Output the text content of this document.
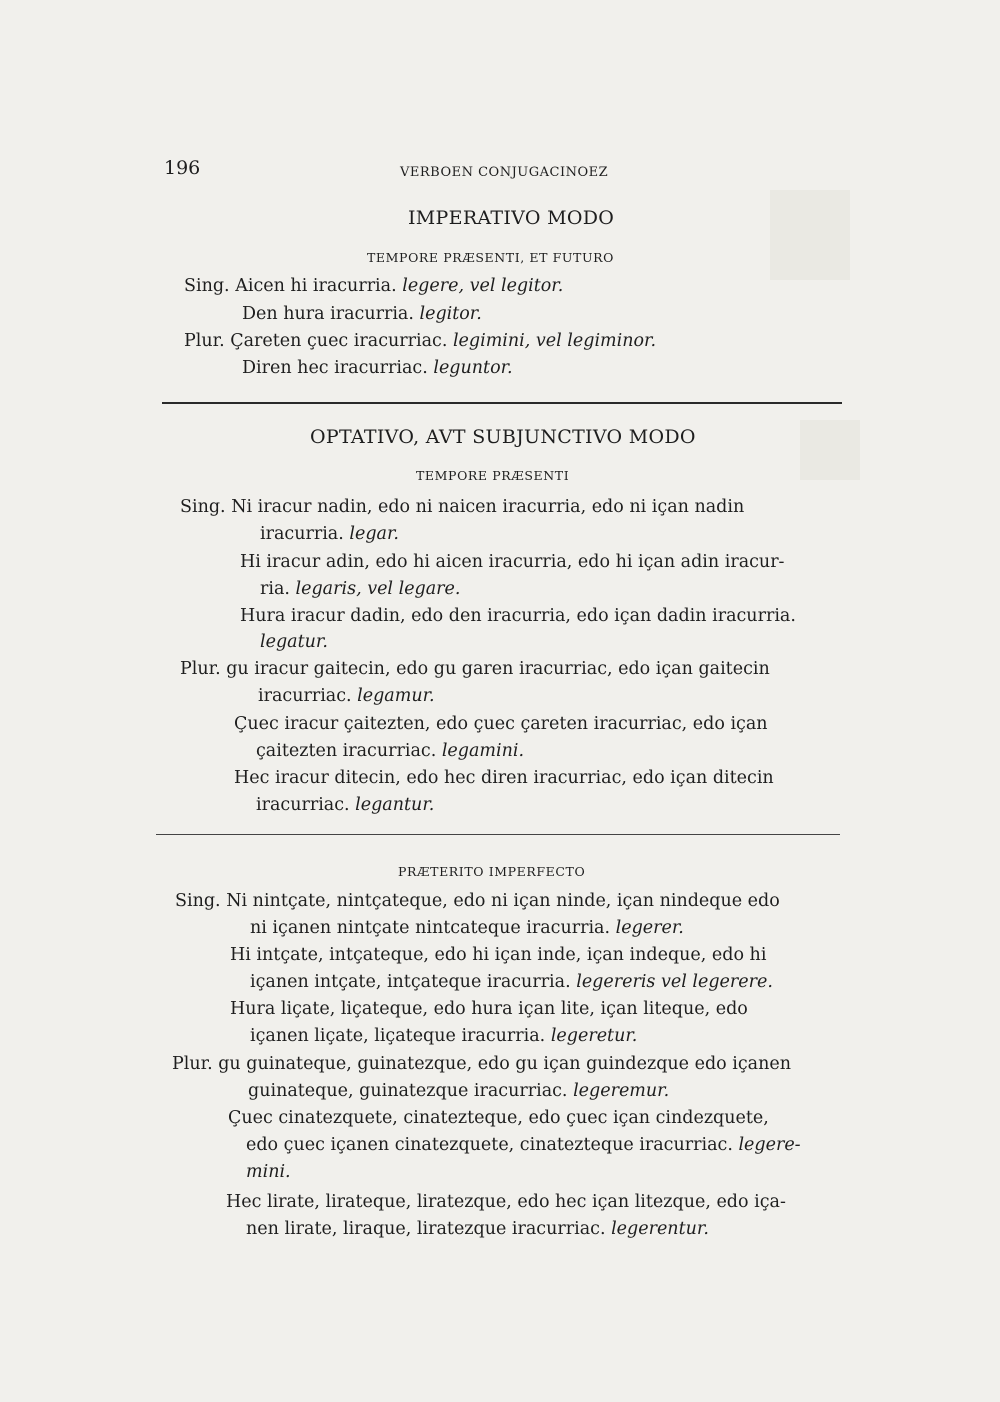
196	VERBOEN CONJUGACINOEZ
IMPERATIVO MODO
TEMPORE PRÆSENTI, ET FUTURO
Sing. Aicen hi iracurria. legere, vel legitor.
Den hura iracurria. legitor.
Plur. Çareten çuec iracurriac. legimini, vel legiminor.
Diren hec iracurriac. leguntor.
OPTATIVO, AVT SUBJUNCTIVO MODO
TEMPORE PRÆSENTI
Sing. Ni iracur nadin, edo ni naicen iracurria, edo ni içan nadin
iracurria. legar.
Hi iracur adin, edo hi aicen iracurria, edo hi içan adin iracur-
ria. legaris, vel legare.
Hura iracur dadin, edo den iracurria, edo içan dadin iracurria.
legatur.
Plur. gu iracur gaitecin, edo gu garen iracurriac, edo içan gaitecin
iracurriac. legamur.
Çuec iracur çaitezten, edo çuec çareten iracurriac, edo içan
çaitezten iracurriac. legamini.
Hec iracur ditecin, edo hec diren iracurriac, edo içan ditecin
iracurriac. legantur.
PRÆTERITO IMPERFECTO
Sing. Ni nintçate, nintçateque, edo ni içan ninde, içan nindeque edo
ni içanen nintçate nintcateque iracurria. legerer.
Hi intçate, intçateque, edo hi içan inde, içan indeque, edo hi
içanen intçate, intçateque iracurria. legereris vel legerere.
Hura liçate, liçateque, edo hura içan lite, içan liteque, edo
içanen liçate, liçateque iracurria. legeretur.
Plur. gu guinateque, guinatezque, edo gu içan guindezque edo içanen
guinateque, guinatezque iracurriac. legeremur.
Çuec cinatezquete, cinatezteque, edo çuec içan cindezquete,
edo çuec içanen cinatezquete, cinatezteque iracurriac. legere-
mini.
Hec lirate, lirateque, liratezque, edo hec içan litezque, edo iça-
nen lirate, liraque, liratezque iracurriac. legerentur.
